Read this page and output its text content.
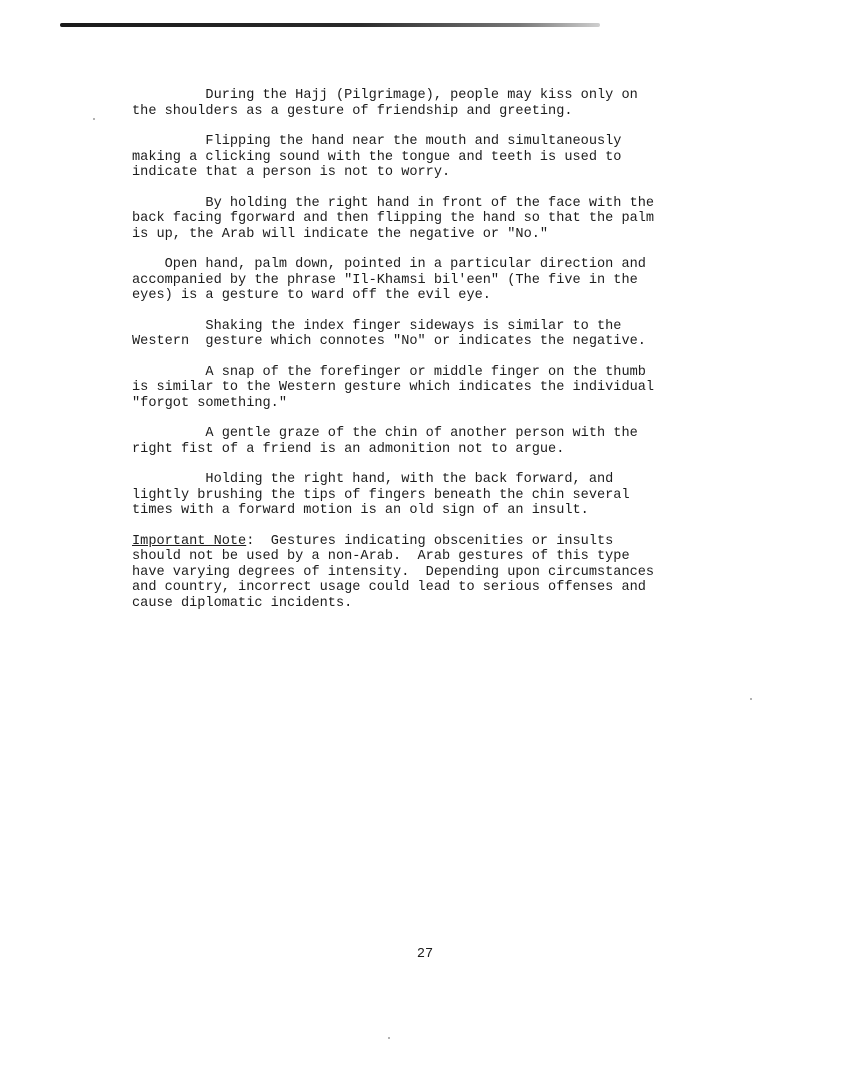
During the Hajj (Pilgrimage), people may kiss only on
the shoulders as a gesture of friendship and greeting.

Flipping the hand near the mouth and simultaneously
making a clicking sound with the tongue and teeth is used to
indicate that a person is not to worry.

By holding the right hand in front of the face with the
back facing fgorward and then flipping the hand so that the palm
is up, the Arab will indicate the negative or "No."

Open hand, palm down, pointed in a particular direction and
accompanied by the phrase "Il-Khamsi bil'een" (The five in the
eyes) is a gesture to ward off the evil eye.

Shaking the index finger sideways is similar to the
Western  gesture which connotes "No" or indicates the negative.

A snap of the forefinger or middle finger on the thumb
is similar to the Western gesture which indicates the individual
"forgot something."

A gentle graze of the chin of another person with the
right fist of a friend is an admonition not to argue.

Holding the right hand, with the back forward, and
lightly brushing the tips of fingers beneath the chin several
times with a forward motion is an old sign of an insult.

Important Note:  Gestures indicating obscenities or insults
should not be used by a non-Arab.  Arab gestures of this type
have varying degrees of intensity.  Depending upon circumstances
and country, incorrect usage could lead to serious offenses and
cause diplomatic incidents.

27
